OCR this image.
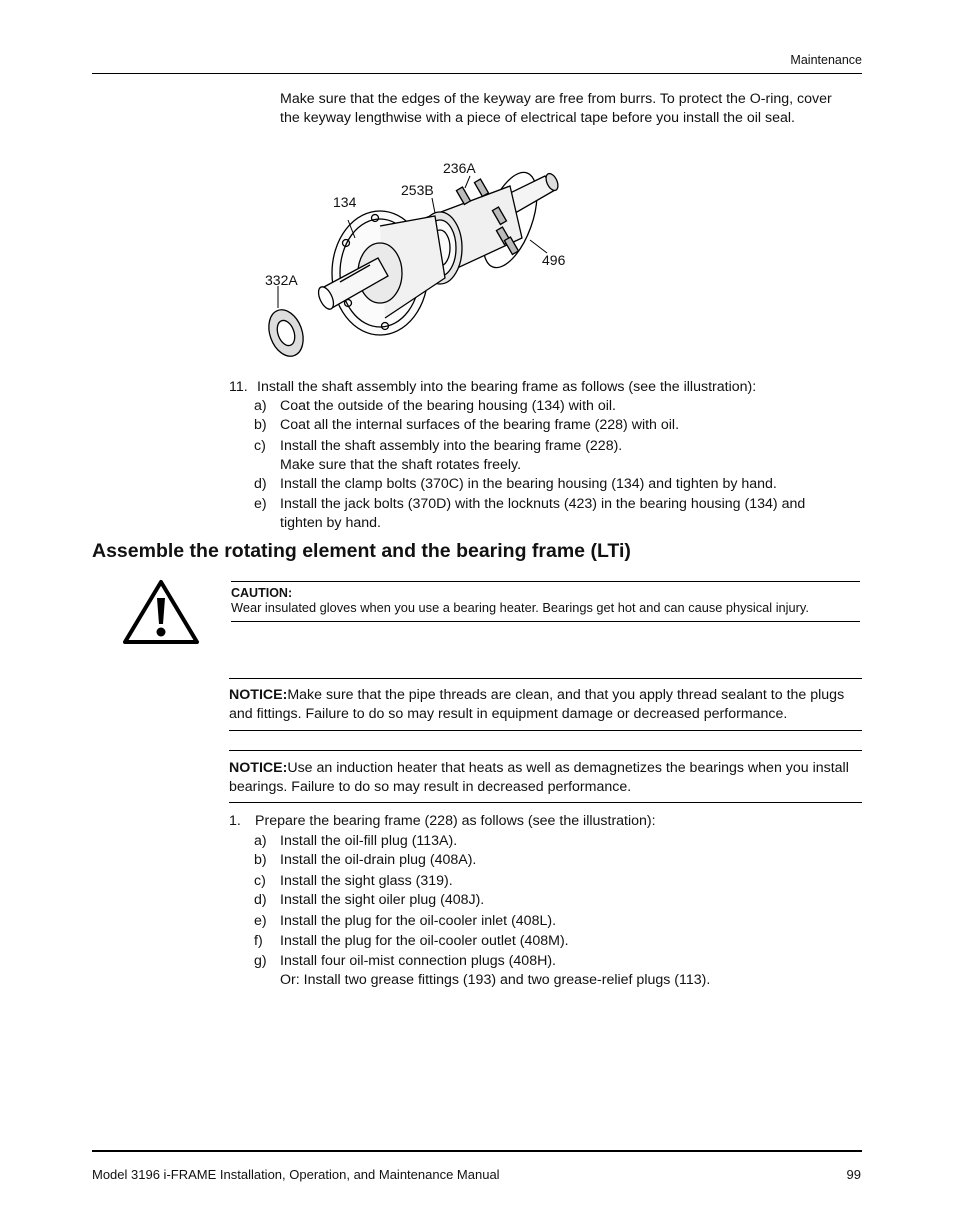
Maintenance
Make sure that the edges of the keyway are free from burrs. To protect the O-ring, cover the keyway lengthwise with a piece of electrical tape before you install the oil seal.
236A
253B
134
496
332A
11. Install the shaft assembly into the bearing frame as follows (see the illustration):
a) Coat the outside of the bearing housing (134) with oil.
b) Coat all the internal surfaces of the bearing frame (228) with oil.
c) Install the shaft assembly into the bearing frame (228).
Make sure that the shaft rotates freely.
d) Install the clamp bolts (370C) in the bearing housing (134) and tighten by hand.
e) Install the jack bolts (370D) with the locknuts (423) in the bearing housing (134) and tighten by hand.
Assemble the rotating element and the bearing frame (LTi)
CAUTION:
Wear insulated gloves when you use a bearing heater. Bearings get hot and can cause physical injury.
NOTICE:Make sure that the pipe threads are clean, and that you apply thread sealant to the plugs and fittings. Failure to do so may result in equipment damage or decreased performance.
NOTICE:Use an induction heater that heats as well as demagnetizes the bearings when you install bearings. Failure to do so may result in decreased performance.
1. Prepare the bearing frame (228) as follows (see the illustration):
a) Install the oil-fill plug (113A).
b) Install the oil-drain plug (408A).
c) Install the sight glass (319).
d) Install the sight oiler plug (408J).
e) Install the plug for the oil-cooler inlet (408L).
f) Install the plug for the oil-cooler outlet (408M).
g) Install four oil-mist connection plugs (408H).
Or: Install two grease fittings (193) and two grease-relief plugs (113).
Model 3196 i-FRAME Installation, Operation, and Maintenance Manual	99
